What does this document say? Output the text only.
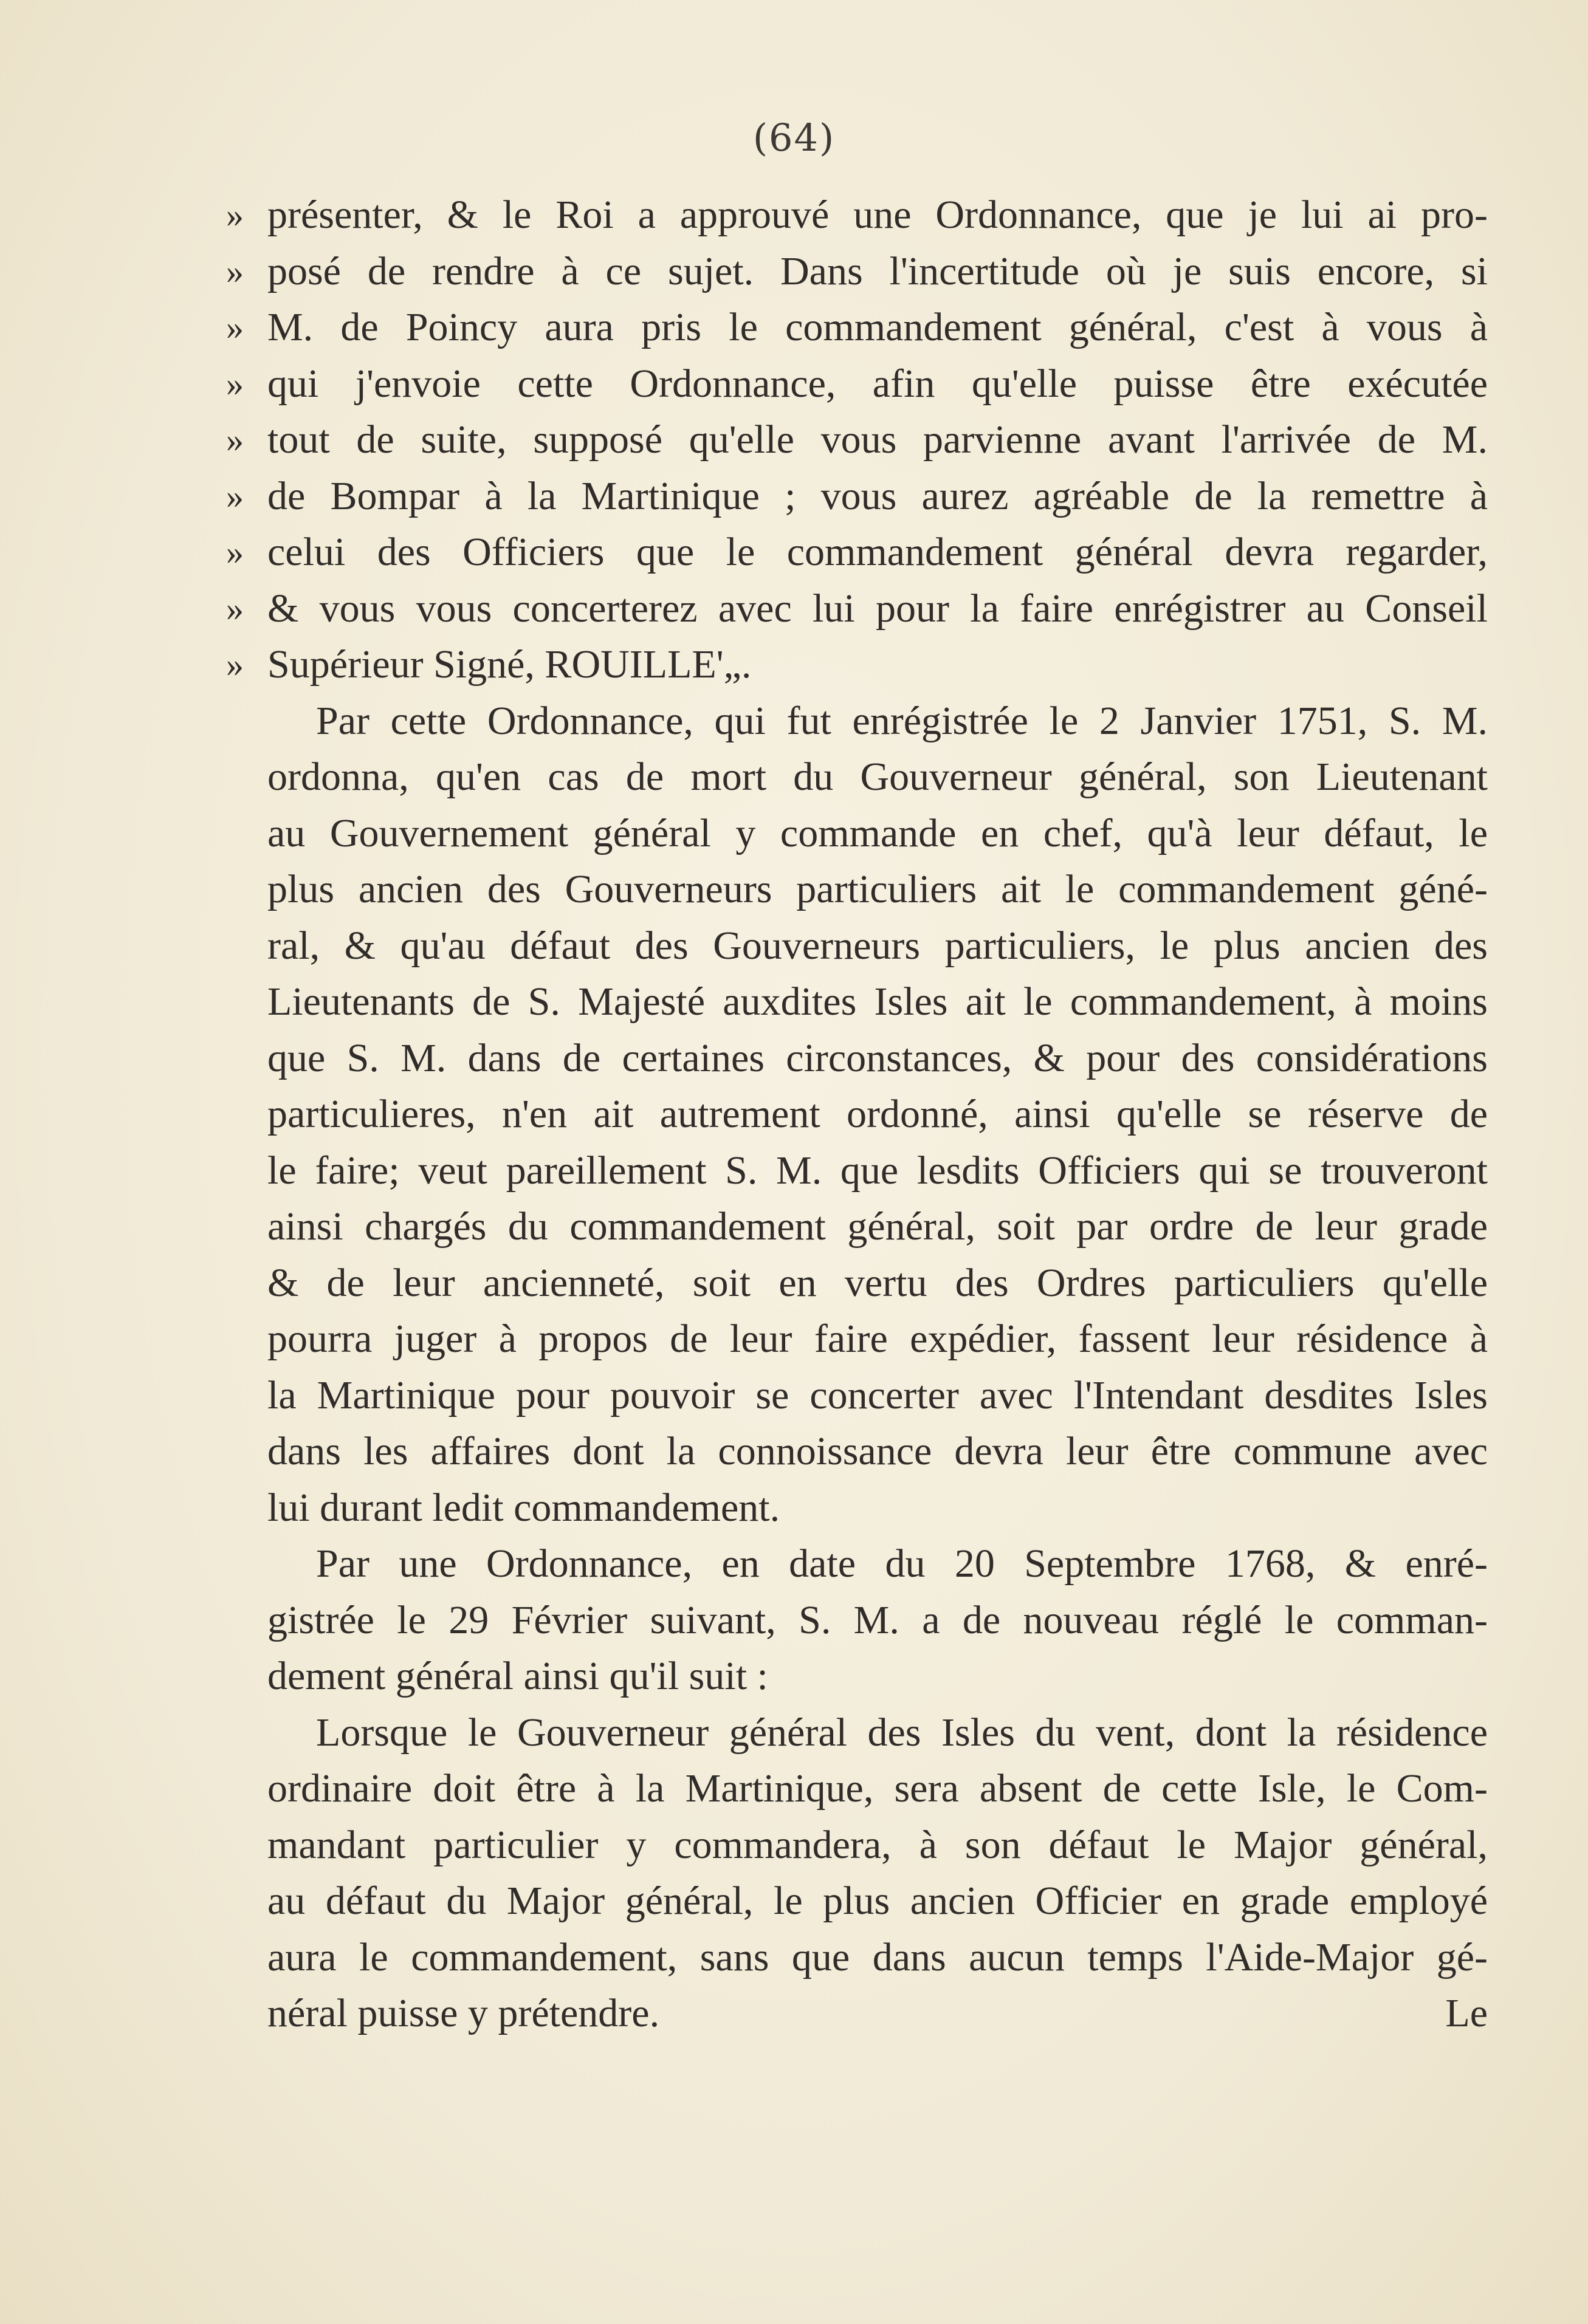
(64)
» présenter, & le Roi a approuvé une Ordonnance, que je lui ai pro-
» posé de rendre à ce sujet. Dans l'incertitude où je suis encore, si
» M. de Poincy aura pris le commandement général, c'est à vous à
» qui j'envoie cette Ordonnance, afin qu'elle puisse être exécutée
» tout de suite, supposé qu'elle vous parvienne avant l'arrivée de M.
» de Bompar à la Martinique ; vous aurez agréable de la remettre à
» celui des Officiers que le commandement général devra regarder,
» & vous vous concerterez avec lui pour la faire enrégistrer au Conseil
» Supérieur Signé, ROUILLE'„.
Par cette Ordonnance, qui fut enrégistrée le 2 Janvier 1751, S. M.
ordonna, qu'en cas de mort du Gouverneur général, son Lieutenant
au Gouvernement général y commande en chef, qu'à leur défaut, le
plus ancien des Gouverneurs particuliers ait le commandement géné-
ral, & qu'au défaut des Gouverneurs particuliers, le plus ancien des
Lieutenants de S. Majesté auxdites Isles ait le commandement, à moins
que S. M. dans de certaines circonstances, & pour des considérations
particulieres, n'en ait autrement ordonné, ainsi qu'elle se réserve de
le faire; veut pareillement S. M. que lesdits Officiers qui se trouveront
ainsi chargés du commandement général, soit par ordre de leur grade
& de leur ancienneté, soit en vertu des Ordres particuliers qu'elle
pourra juger à propos de leur faire expédier, fassent leur résidence à
la Martinique pour pouvoir se concerter avec l'Intendant desdites Isles
dans les affaires dont la connoissance devra leur être commune avec
lui durant ledit commandement.
Par une Ordonnance, en date du 20 Septembre 1768, & enré-
gistrée le 29 Février suivant, S. M. a de nouveau réglé le comman-
dement général ainsi qu'il suit :
Lorsque le Gouverneur général des Isles du vent, dont la résidence
ordinaire doit être à la Martinique, sera absent de cette Isle, le Com-
mandant particulier y commandera, à son défaut le Major général,
au défaut du Major général, le plus ancien Officier en grade employé
aura le commandement, sans que dans aucun temps l'Aide-Major gé-
néral puisse y prétendre.	Le
